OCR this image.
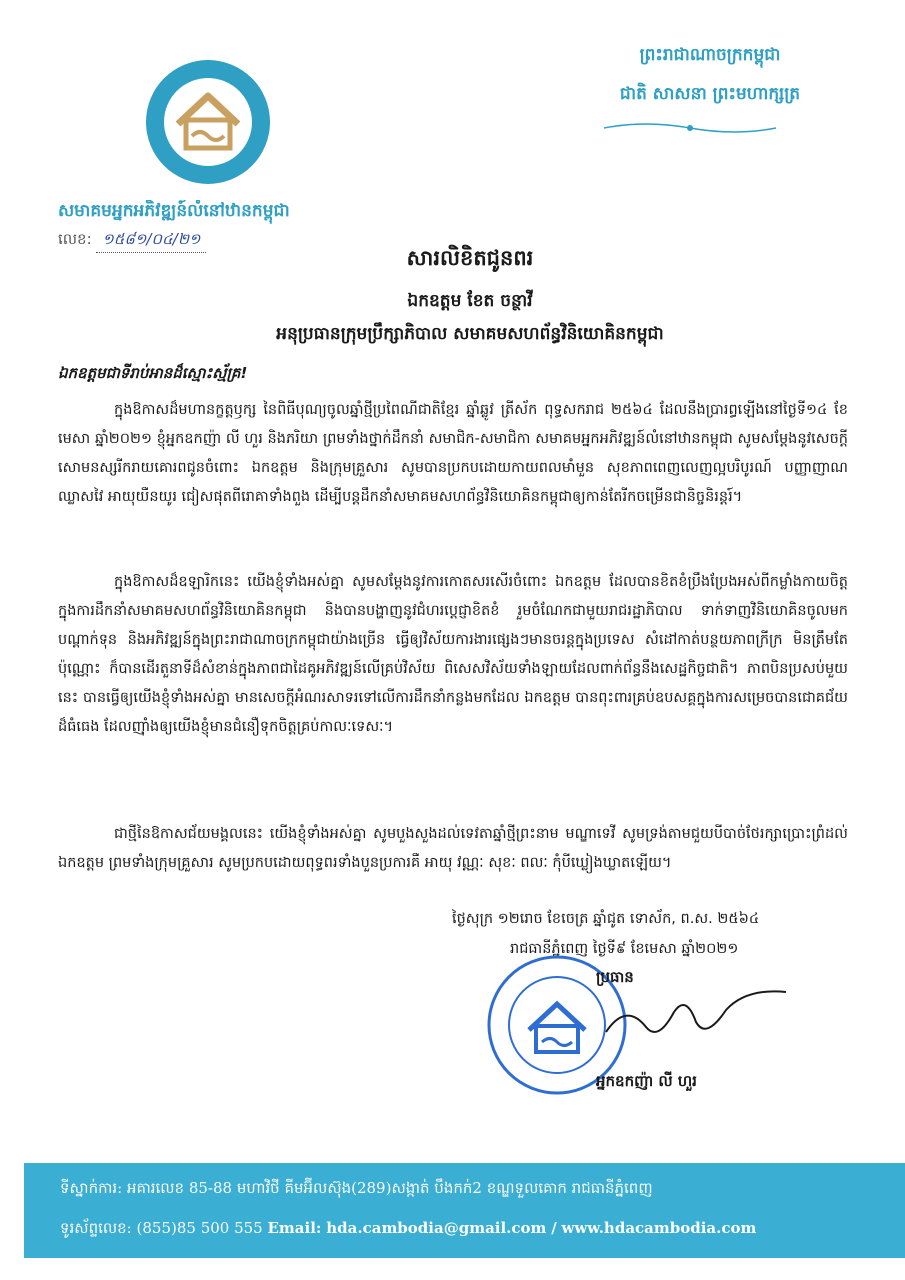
សមាគមអ្នកអភិវឌ្ឍន៍លំនៅឋានកម្ពុជា
លេខ: ១៥៨១/០៤/២១
ព្រះរាជាណាចក្រកម្ពុជា
ជាតិ សាសនា ព្រះមហាក្សត្រ
សារលិខិតជូនពរ
ឯកឧត្តម ខែត ចន្ថាវី
អនុប្រធានក្រុមប្រឹក្សាភិបាល សមាគមសហព័ន្ធវិនិយោគិនកម្ពុជា
ឯកឧត្តមជាទីរាប់អានដ៏ស្មោះស្ម័គ្រ!

ក្នុងឱកាសដ៏មហានក្ខត្តឫក្ស នៃពិធីបុណ្យចូលឆ្នាំថ្មីប្រពៃណីជាតិខ្មែរ ឆ្នាំឆ្លូវ ត្រីស័ក ពុទ្ធសករាជ ២៥៦៤ ដែលនឹងប្រារព្ធឡើងនៅថ្ងៃទី១៤ ខែមេសា ឆ្នាំ២០២១ ខ្ញុំអ្នកឧកញ៉ា លី ហួរ និងភរិយា ព្រមទាំងថ្នាក់ដឹកនាំ សមាជិក-សមាជិកា សមាគមអ្នកអភិវឌ្ឍន៍លំនៅឋានកម្ពុជា សូមសម្តែងនូវសេចក្តីសោមនស្សរីករាយគោរពជូនចំពោះ ឯកឧត្តម និងក្រុមគ្រួសារ សូមបានប្រកបដោយកាយពលមាំមួន សុខភាពពេញលេញល្អបរិបូរណ៍ បញ្ញាញាណឈ្លាសវៃ អាយុយឺនយូរ ជៀសផុតពីរោគាទាំងពួង ដើម្បីបន្តដឹកនាំសមាគមសហព័ន្ធវិនិយោគិនកម្ពុជាឲ្យកាន់តែរីកចម្រើនជានិច្ចនិរន្តរ៍។

ក្នុងឱកាសដ៏ឧឡារិកនេះ យើងខ្ញុំទាំងអស់គ្នា សូមសម្តែងនូវការកោតសរសើរចំពោះ ឯកឧត្តម ដែលបានខិតខំប្រឹងប្រែងអស់ពីកម្លាំងកាយចិត្ត ក្នុងការដឹកនាំសមាគមសហព័ន្ធវិនិយោគិនកម្ពុជា និងបានបង្ហាញនូវជំហរប្តេជ្ញាខិតខំ រួមចំណែកជាមួយរាជរដ្ឋាភិបាល ទាក់ទាញវិនិយោគិនចូលមកបណ្តាក់ទុន និងអភិវឌ្ឍន៍ក្នុងព្រះរាជាណាចក្រកម្ពុជាយ៉ាងច្រើន ធ្វើឲ្យវិស័យការងារផ្សេងៗមានចរន្តក្នុងប្រទេស សំដៅកាត់បន្ថយភាពក្រីក្រ មិនត្រឹមតែប៉ុណ្ណោះ ក៏បានដើរតួនាទីដ៏សំខាន់ក្នុងភាពជាដៃគូអភិវឌ្ឍន៍លើគ្រប់វិស័យ ពិសេសវិស័យទាំងឡាយដែលពាក់ព័ន្ធនឹងសេដ្ឋកិច្ចជាតិ។ ភាពបិនប្រសប់មួយនេះ បានធ្វើឲ្យយើងខ្ញុំទាំងអស់គ្នា មានសេចក្តីអំណរសាទរទៅលើការដឹកនាំកន្លងមកដែល ឯកឧត្តម បានពុះពារគ្រប់ឧបសគ្គក្នុងការសម្រេចបានជោគជ័យដ៏ធំធេង ដែលញ៉ាំងឲ្យយើងខ្ញុំមានជំនឿទុកចិត្តគ្រប់កាលៈទេសៈ។

ជាថ្មីនៃឱកាសជ័យមង្គលនេះ យើងខ្ញុំទាំងអស់គ្នា សូមបួងសួងដល់ទេវតាឆ្នាំថ្មីព្រះនាម មណ្ឌាទេវី សូមទ្រង់តាមជួយបីបាច់ថែរក្សាប្រោះព្រំដល់ ឯកឧត្តម ព្រមទាំងក្រុមគ្រួសារ សូមប្រកបដោយពុទ្ធពរទាំងបួនប្រការគឺ អាយុ វណ្ណៈ សុខៈ ពលៈ កុំបីឃ្លៀងឃ្លាតឡើយ។

ថ្ងៃសុក្រ ១២រោច ខែចេត្រ ឆ្នាំជូត ទោស័ក, ព.ស. ២៥៦៤
រាជធានីភ្នំពេញ ថ្ងៃទី៩ ខែមេសា ឆ្នាំ២០២១
ប្រធាន
អ្នកឧកញ៉ា លី ហួរ
ទីស្នាក់ការ: អគារលេខ 85-88 មហាវិថី គីមអ៊ីលស៊ុង(289)សង្កាត់ បឹងកក់2 ខណ្ឌទួលគោក រាជធានីភ្នំពេញ
ទូរស័ព្ទលេខ: (855)85 500 555 Email: hda.cambodia@gmail.com / www.hdacambodia.com
